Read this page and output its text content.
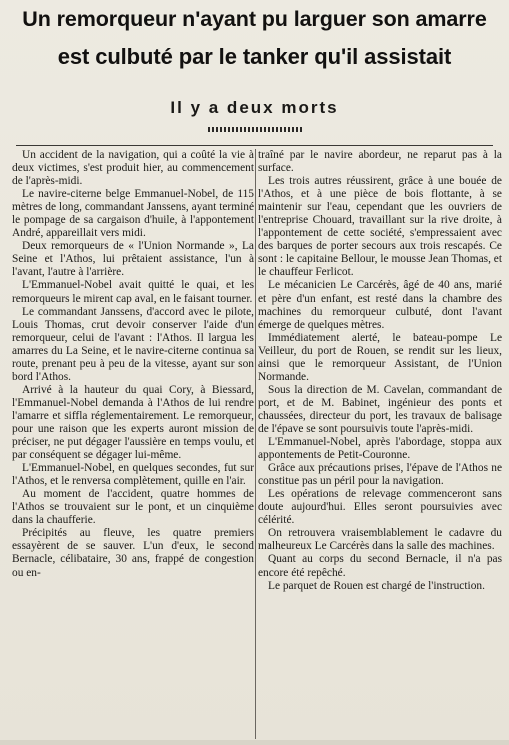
Un remorqueur n'ayant pu larguer son amarre
est culbuté par le tanker qu'il assistait
Il y a deux morts

Un accident de la navigation, qui a coûté la vie à deux victimes, s'est produit hier, au commencement de l'après-midi.

Le navire-citerne belge Emmanuel-Nobel, de 115 mètres de long, commandant Janssens, ayant terminé le pompage de sa cargaison d'huile, à l'appontement André, appareillait vers midi.

Deux remorqueurs de « l'Union Normande », La Seine et l'Athos, lui prêtaient assistance, l'un à l'avant, l'autre à l'arrière.

L'Emmanuel-Nobel avait quitté le quai, et les remorqueurs le mirent cap aval, en le faisant tourner.

Le commandant Janssens, d'accord avec le pilote, Louis Thomas, crut devoir conserver l'aide d'un remorqueur, celui de l'avant : l'Athos. Il largua les amarres du La Seine, et le navire-citerne continua sa route, prenant peu à peu de la vitesse, ayant sur son bord l'Athos.

Arrivé à la hauteur du quai Cory, à Biessard, l'Emmanuel-Nobel demanda à l'Athos de lui rendre l'amarre et siffla réglementairement. Le remorqueur, pour une raison que les experts auront mission de préciser, ne put dégager l'aussière en temps voulu, et par conséquent se dégager lui-même.

L'Emmanuel-Nobel, en quelques secondes, fut sur l'Athos, et le renversa complètement, quille en l'air.

Au moment de l'accident, quatre hommes de l'Athos se trouvaient sur le pont, et un cinquième dans la chaufferie.

Précipités au fleuve, les quatre premiers essayèrent de se sauver. L'un d'eux, le second Bernacle, célibataire, 30 ans, frappé de congestion ou en-

traîné par le navire abordeur, ne reparut pas à la surface.

Les trois autres réussirent, grâce à une bouée de l'Athos, et à une pièce de bois flottante, à se maintenir sur l'eau, cependant que les ouvriers de l'entreprise Chouard, travaillant sur la rive droite, à l'appontement de cette société, s'empressaient avec des barques de porter secours aux trois rescapés. Ce sont : le capitaine Bellour, le mousse Jean Thomas, et le chauffeur Ferlicot.

Le mécanicien Le Carcérès, âgé de 40 ans, marié et père d'un enfant, est resté dans la chambre des machines du remorqueur culbuté, dont l'avant émerge de quelques mètres.

Immédiatement alerté, le bateau-pompe Le Veilleur, du port de Rouen, se rendit sur les lieux, ainsi que le remorqueur Assistant, de l'Union Normande.

Sous la direction de M. Cavelan, commandant de port, et de M. Babinet, ingénieur des ponts et chaussées, directeur du port, les travaux de balisage de l'épave se sont poursuivis toute l'après-midi.

L'Emmanuel-Nobel, après l'abordage, stoppa aux appontements de Petit-Couronne.

Grâce aux précautions prises, l'épave de l'Athos ne constitue pas un péril pour la navigation.

Les opérations de relevage commenceront sans doute aujourd'hui. Elles seront poursuivies avec célérité.

On retrouvera vraisemblablement le cadavre du malheureux Le Carcérès dans la salle des machines.

Quant au corps du second Bernacle, il n'a pas encore été repêché.

Le parquet de Rouen est chargé de l'instruction.
